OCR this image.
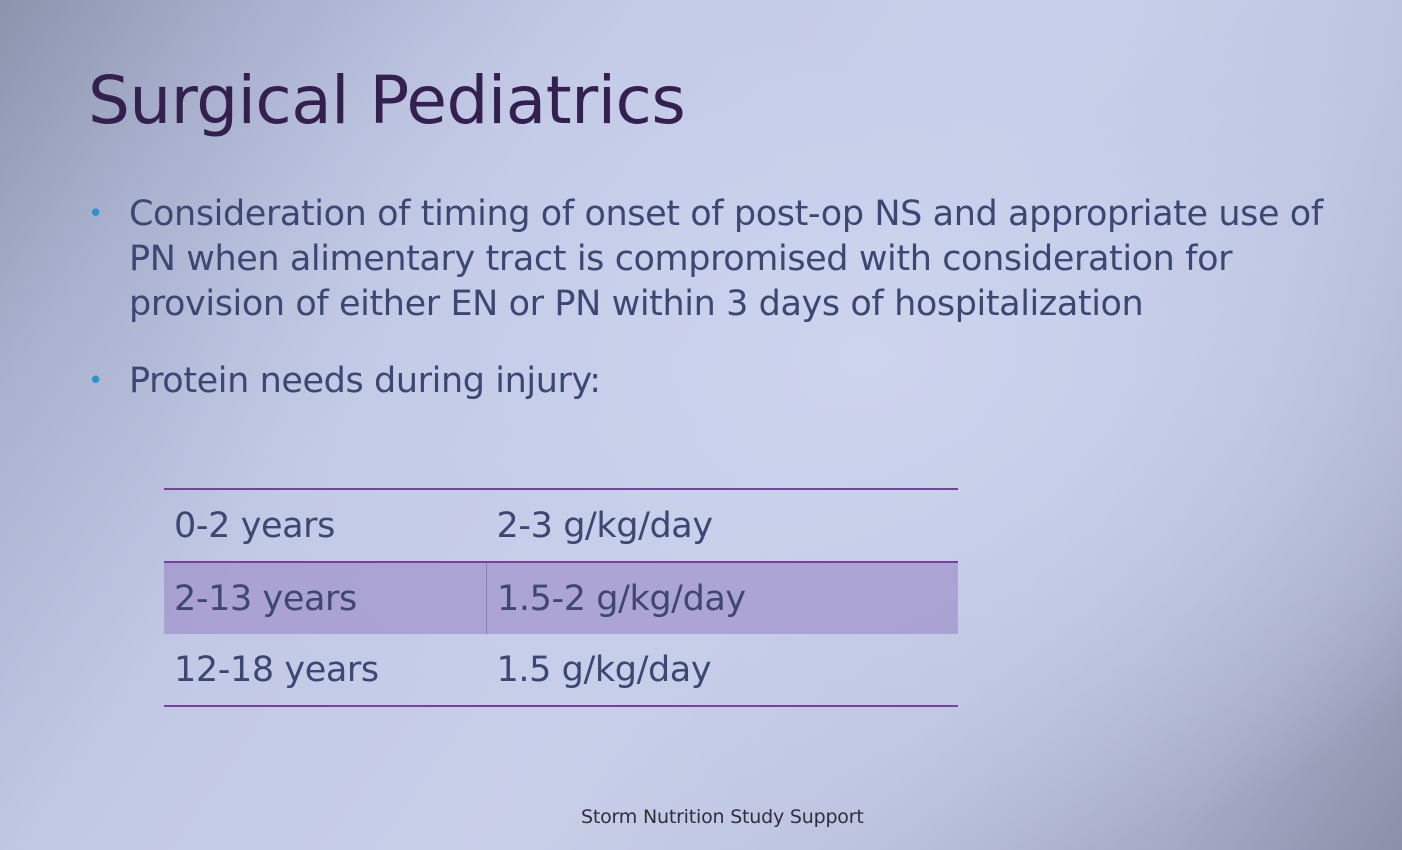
Surgical Pediatrics
• Consideration of timing of onset of post-op NS and appropriate use of PN when alimentary tract is compromised with consideration for provision of either EN or PN within 3 days of hospitalization
• Protein needs during injury:
0-2 years	2-3 g/kg/day
2-13 years	1.5-2 g/kg/day
12-18 years	1.5 g/kg/day
Storm Nutrition Study Support
